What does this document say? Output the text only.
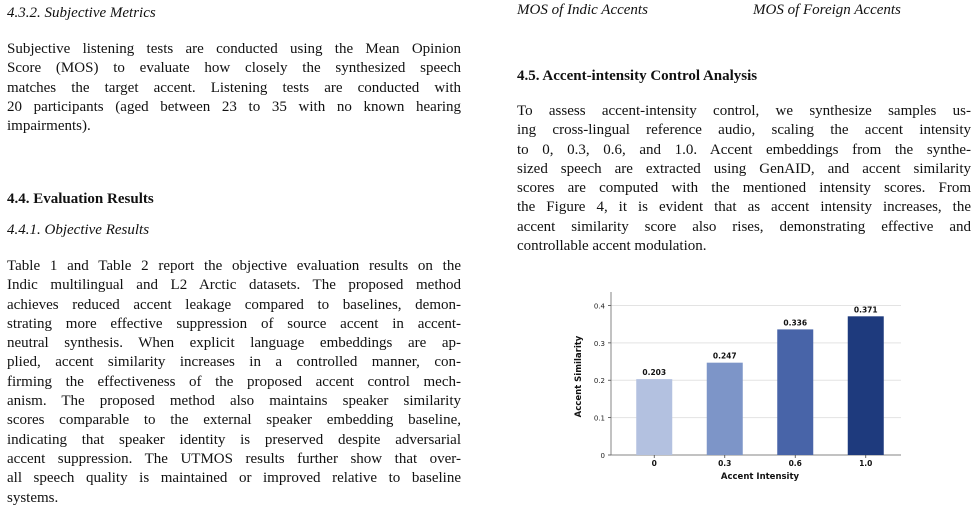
4.3.2. Subjective Metrics
Subjective listening tests are conducted using the Mean Opinion
Score (MOS) to evaluate how closely the synthesized speech
matches the target accent. Listening tests are conducted with
20 participants (aged between 23 to 35 with no known hearing
impairments).
4.4. Evaluation Results
4.4.1. Objective Results
Table 1 and Table 2 report the objective evaluation results on the
Indic multilingual and L2 Arctic datasets. The proposed method
achieves reduced accent leakage compared to baselines, demon-
strating more effective suppression of source accent in accent-
neutral synthesis. When explicit language embeddings are ap-
plied, accent similarity increases in a controlled manner, con-
firming the effectiveness of the proposed accent control mech-
anism. The proposed method also maintains speaker similarity
scores comparable to the external speaker embedding baseline,
indicating that speaker identity is preserved despite adversarial
accent suppression. The UTMOS results further show that over-
all speech quality is maintained or improved relative to baseline
systems.
MOS of Indic Accents	MOS of Foreign Accents
4.5. Accent-intensity Control Analysis
To assess accent-intensity control, we synthesize samples us-
ing cross-lingual reference audio, scaling the accent intensity
to 0, 0.3, 0.6, and 1.0. Accent embeddings from the synthe-
sized speech are extracted using GenAID, and accent similarity
scores are computed with the mentioned intensity scores. From
the Figure 4, it is evident that as accent intensity increases, the
accent similarity score also rises, demonstrating effective and
controllable accent modulation.
0
0.1
0.2
0.3
0.4
0.203
0
0.247
0.3
0.336
0.6
0.371
1.0
Accent Intensity
Accent Similarity
